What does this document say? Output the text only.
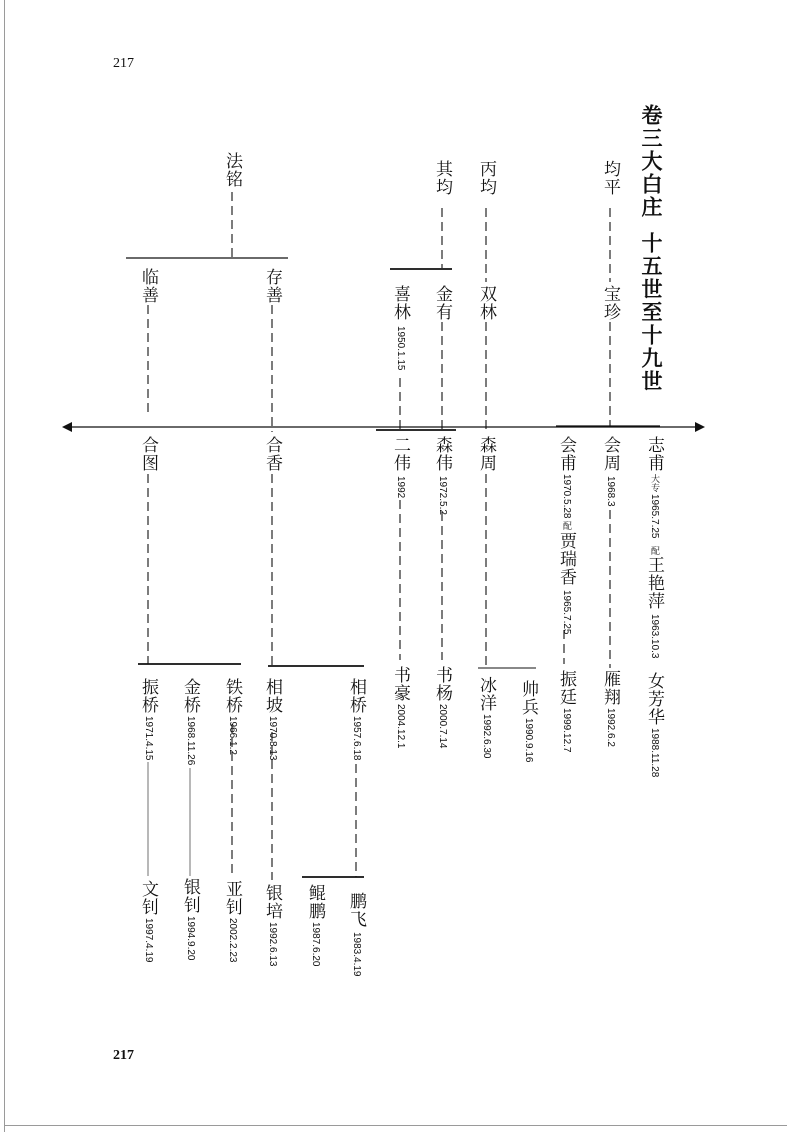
217
217
卷三大白庄
十五世至十九世
法铭	其均 丙均	均平
临善	存善	喜林
1950.1.15
金有 双林	宝珍
合图	合香	二伟
1992
森伟
1972.5.2
森周	会甫
1970.5.28
配
贾瑞香
1965.7.25
会周
1968.3
志甫
大专
1965.7.25
配
王艳萍
1963.10.3
振桥
1971.4.15
金桥
1968.11.26
铁桥
1966.1.2
相坡
1970.8.13
相桥
1957.6.18
书豪
2004.12.1
书杨
2000.7.14
冰洋
1992.6.30
帅兵
1990.9.16
振廷
1999.12.7
雁翔
1992.6.2
女芳华
1988.11.28
文钊
1997.4.19
银钊
1994.9.20
亚钊
2002.2.23
银培
1992.6.13
鲲鹏
1987.6.20
鹏飞
1983.4.19
